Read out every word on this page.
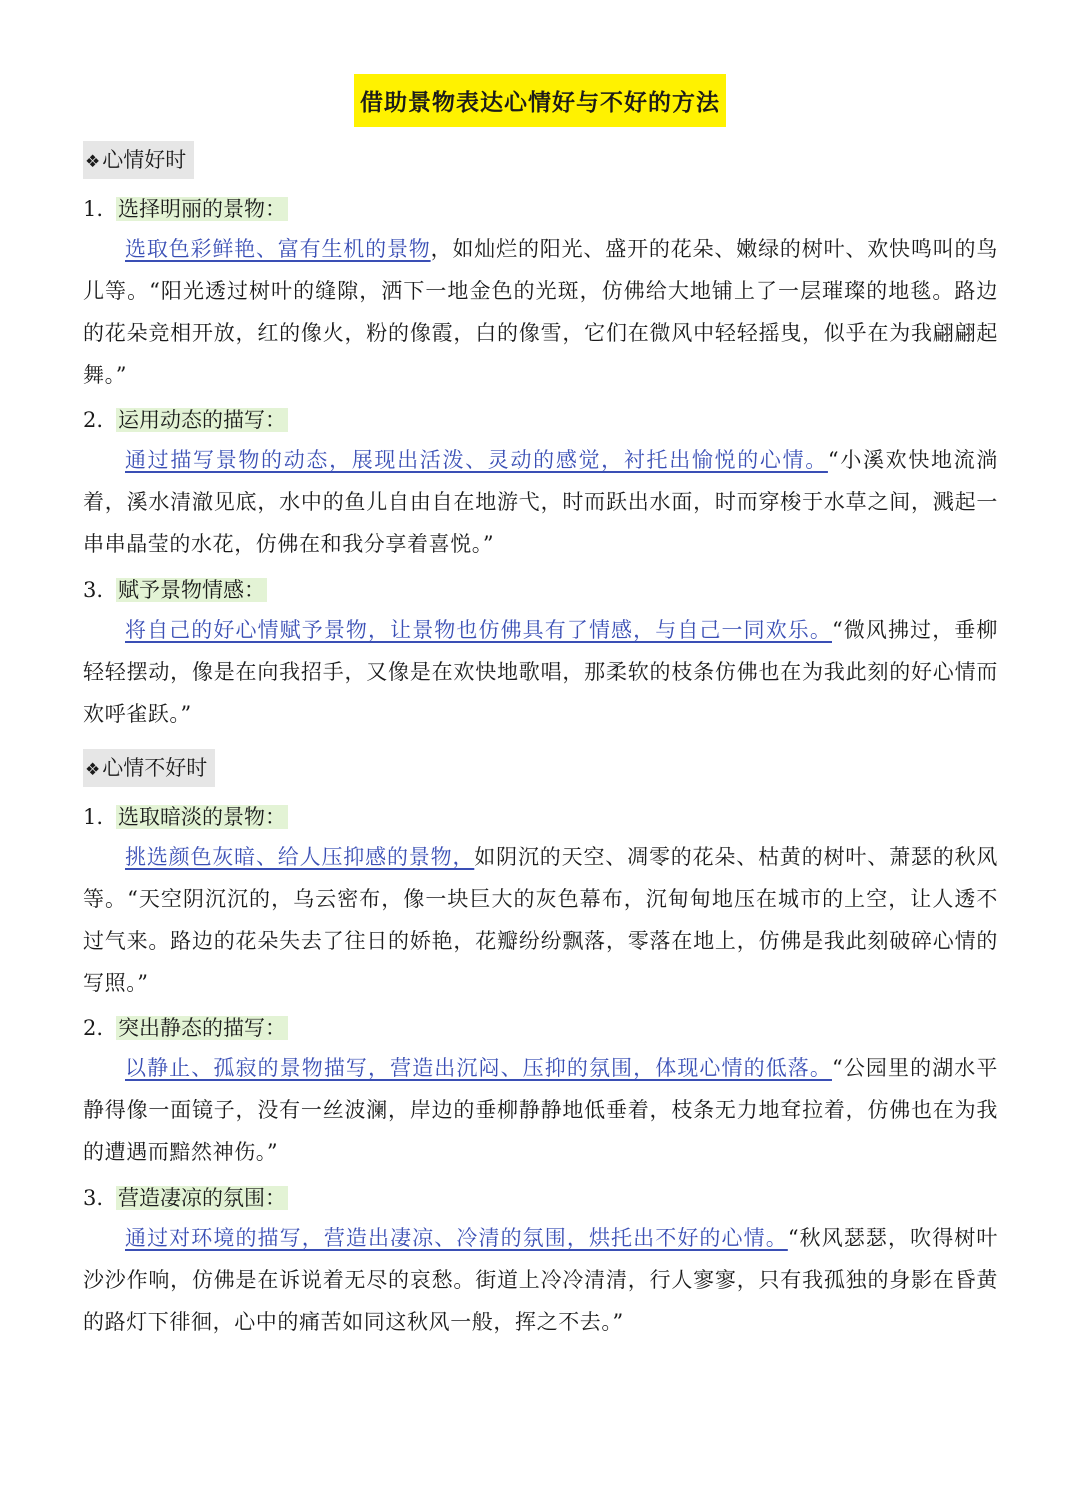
借助景物表达心情好与不好的方法
❖心情好时
1. 选择明丽的景物：
选取色彩鲜艳、富有生机的景物，如灿烂的阳光、盛开的花朵、嫩绿的树叶、欢快鸣叫的鸟儿等。“阳光透过树叶的缝隙，洒下一地金色的光斑，仿佛给大地铺上了一层璀璨的地毯。路边的花朵竞相开放，红的像火，粉的像霞，白的像雪，它们在微风中轻轻摇曳，似乎在为我翩翩起舞。”
2. 运用动态的描写：
通过描写景物的动态，展现出活泼、灵动的感觉，衬托出愉悦的心情。“小溪欢快地流淌着，溪水清澈见底，水中的鱼儿自由自在地游弋，时而跃出水面，时而穿梭于水草之间，溅起一串串晶莹的水花，仿佛在和我分享着喜悦。”
3. 赋予景物情感：
将自己的好心情赋予景物，让景物也仿佛具有了情感，与自己一同欢乐。“微风拂过，垂柳轻轻摆动，像是在向我招手，又像是在欢快地歌唱，那柔软的枝条仿佛也在为我此刻的好心情而欢呼雀跃。”
❖心情不好时
1. 选取暗淡的景物：
挑选颜色灰暗、给人压抑感的景物，如阴沉的天空、凋零的花朵、枯黄的树叶、萧瑟的秋风等。“天空阴沉沉的，乌云密布，像一块巨大的灰色幕布，沉甸甸地压在城市的上空，让人透不过气来。路边的花朵失去了往日的娇艳，花瓣纷纷飘落，零落在地上，仿佛是我此刻破碎心情的写照。”
2. 突出静态的描写：
以静止、孤寂的景物描写，营造出沉闷、压抑的氛围，体现心情的低落。“公园里的湖水平静得像一面镜子，没有一丝波澜，岸边的垂柳静静地低垂着，枝条无力地耷拉着，仿佛也在为我的遭遇而黯然神伤。”
3. 营造凄凉的氛围：
通过对环境的描写，营造出凄凉、冷清的氛围，烘托出不好的心情。“秋风瑟瑟，吹得树叶沙沙作响，仿佛是在诉说着无尽的哀愁。街道上冷冷清清，行人寥寥，只有我孤独的身影在昏黄的路灯下徘徊，心中的痛苦如同这秋风一般，挥之不去。”
